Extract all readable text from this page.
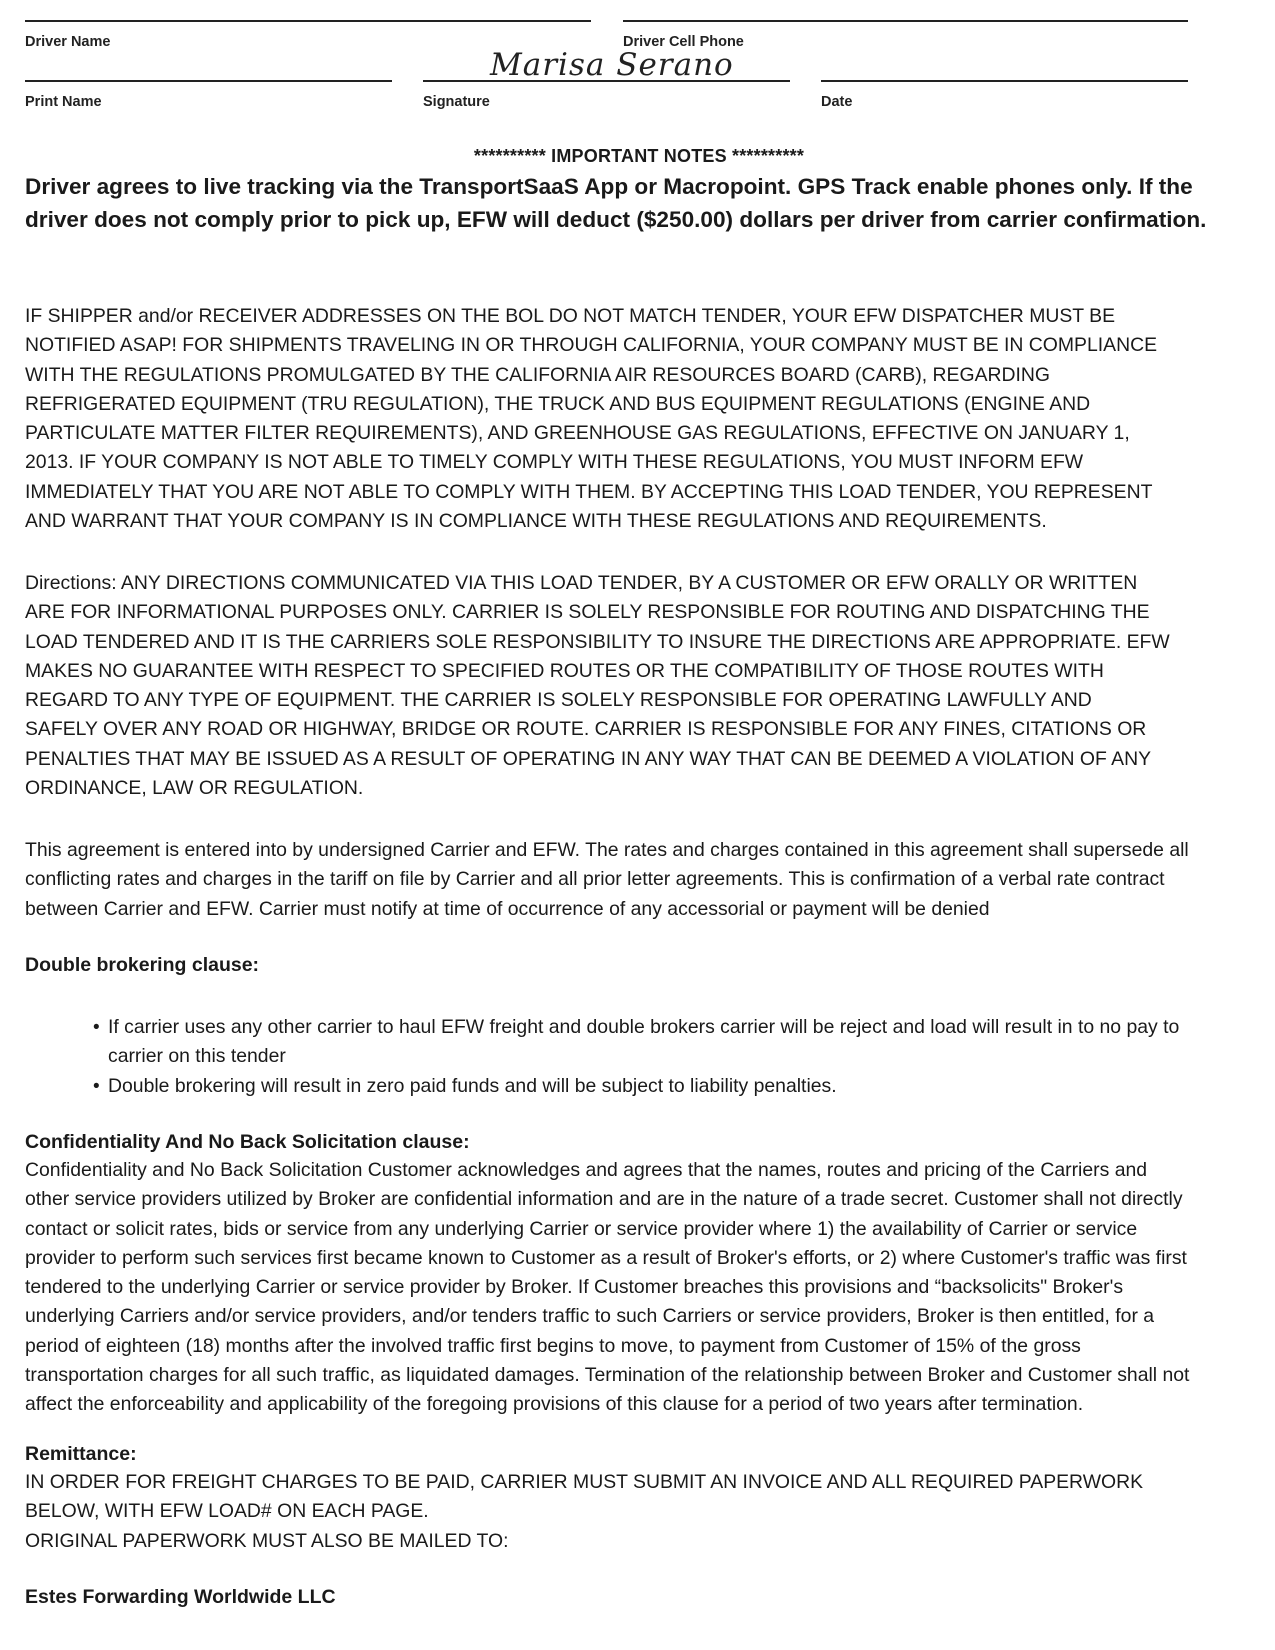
Driver Name	Driver Cell Phone
Marisa Serano
Print Name	Signature	Date
********** IMPORTANT NOTES **********
Driver agrees to live tracking via the TransportSaaS App or Macropoint. GPS Track enable phones only. If the driver does not comply prior to pick up, EFW will deduct ($250.00) dollars per driver from carrier confirmation.
IF SHIPPER and/or RECEIVER ADDRESSES ON THE BOL DO NOT MATCH TENDER, YOUR EFW DISPATCHER MUST BE
NOTIFIED ASAP! FOR SHIPMENTS TRAVELING IN OR THROUGH CALIFORNIA, YOUR COMPANY MUST BE IN COMPLIANCE
WITH THE REGULATIONS PROMULGATED BY THE CALIFORNIA AIR RESOURCES BOARD (CARB), REGARDING
REFRIGERATED EQUIPMENT (TRU REGULATION), THE TRUCK AND BUS EQUIPMENT REGULATIONS (ENGINE AND
PARTICULATE MATTER FILTER REQUIREMENTS), AND GREENHOUSE GAS REGULATIONS, EFFECTIVE ON JANUARY 1,
2013. IF YOUR COMPANY IS NOT ABLE TO TIMELY COMPLY WITH THESE REGULATIONS, YOU MUST INFORM EFW
IMMEDIATELY THAT YOU ARE NOT ABLE TO COMPLY WITH THEM. BY ACCEPTING THIS LOAD TENDER, YOU REPRESENT
AND WARRANT THAT YOUR COMPANY IS IN COMPLIANCE WITH THESE REGULATIONS AND REQUIREMENTS.
Directions: ANY DIRECTIONS COMMUNICATED VIA THIS LOAD TENDER, BY A CUSTOMER OR EFW ORALLY OR WRITTEN
ARE FOR INFORMATIONAL PURPOSES ONLY. CARRIER IS SOLELY RESPONSIBLE FOR ROUTING AND DISPATCHING THE
LOAD TENDERED AND IT IS THE CARRIERS SOLE RESPONSIBILITY TO INSURE THE DIRECTIONS ARE APPROPRIATE. EFW
MAKES NO GUARANTEE WITH RESPECT TO SPECIFIED ROUTES OR THE COMPATIBILITY OF THOSE ROUTES WITH
REGARD TO ANY TYPE OF EQUIPMENT. THE CARRIER IS SOLELY RESPONSIBLE FOR OPERATING LAWFULLY AND
SAFELY OVER ANY ROAD OR HIGHWAY, BRIDGE OR ROUTE. CARRIER IS RESPONSIBLE FOR ANY FINES, CITATIONS OR
PENALTIES THAT MAY BE ISSUED AS A RESULT OF OPERATING IN ANY WAY THAT CAN BE DEEMED A VIOLATION OF ANY
ORDINANCE, LAW OR REGULATION.
This agreement is entered into by undersigned Carrier and EFW. The rates and charges contained in this agreement shall supersede all
conflicting rates and charges in the tariff on file by Carrier and all prior letter agreements. This is confirmation of a verbal rate contract
between Carrier and EFW. Carrier must notify at time of occurrence of any accessorial or payment will be denied
Double brokering clause:
• If carrier uses any other carrier to haul EFW freight and double brokers carrier will be reject and load will result in to no pay to
carrier on this tender
• Double brokering will result in zero paid funds and will be subject to liability penalties.
Confidentiality And No Back Solicitation clause:
Confidentiality and No Back Solicitation Customer acknowledges and agrees that the names, routes and pricing of the Carriers and
other service providers utilized by Broker are confidential information and are in the nature of a trade secret. Customer shall not directly
contact or solicit rates, bids or service from any underlying Carrier or service provider where 1) the availability of Carrier or service
provider to perform such services first became known to Customer as a result of Broker's efforts, or 2) where Customer's traffic was first
tendered to the underlying Carrier or service provider by Broker. If Customer breaches this provisions and “backsolicits" Broker's
underlying Carriers and/or service providers, and/or tenders traffic to such Carriers or service providers, Broker is then entitled, for a
period of eighteen (18) months after the involved traffic first begins to move, to payment from Customer of 15% of the gross
transportation charges for all such traffic, as liquidated damages. Termination of the relationship between Broker and Customer shall not
affect the enforceability and applicability of the foregoing provisions of this clause for a period of two years after termination.
Remittance:
IN ORDER FOR FREIGHT CHARGES TO BE PAID, CARRIER MUST SUBMIT AN INVOICE AND ALL REQUIRED PAPERWORK
BELOW, WITH EFW LOAD# ON EACH PAGE.
ORIGINAL PAPERWORK MUST ALSO BE MAILED TO:
Estes Forwarding Worldwide LLC
